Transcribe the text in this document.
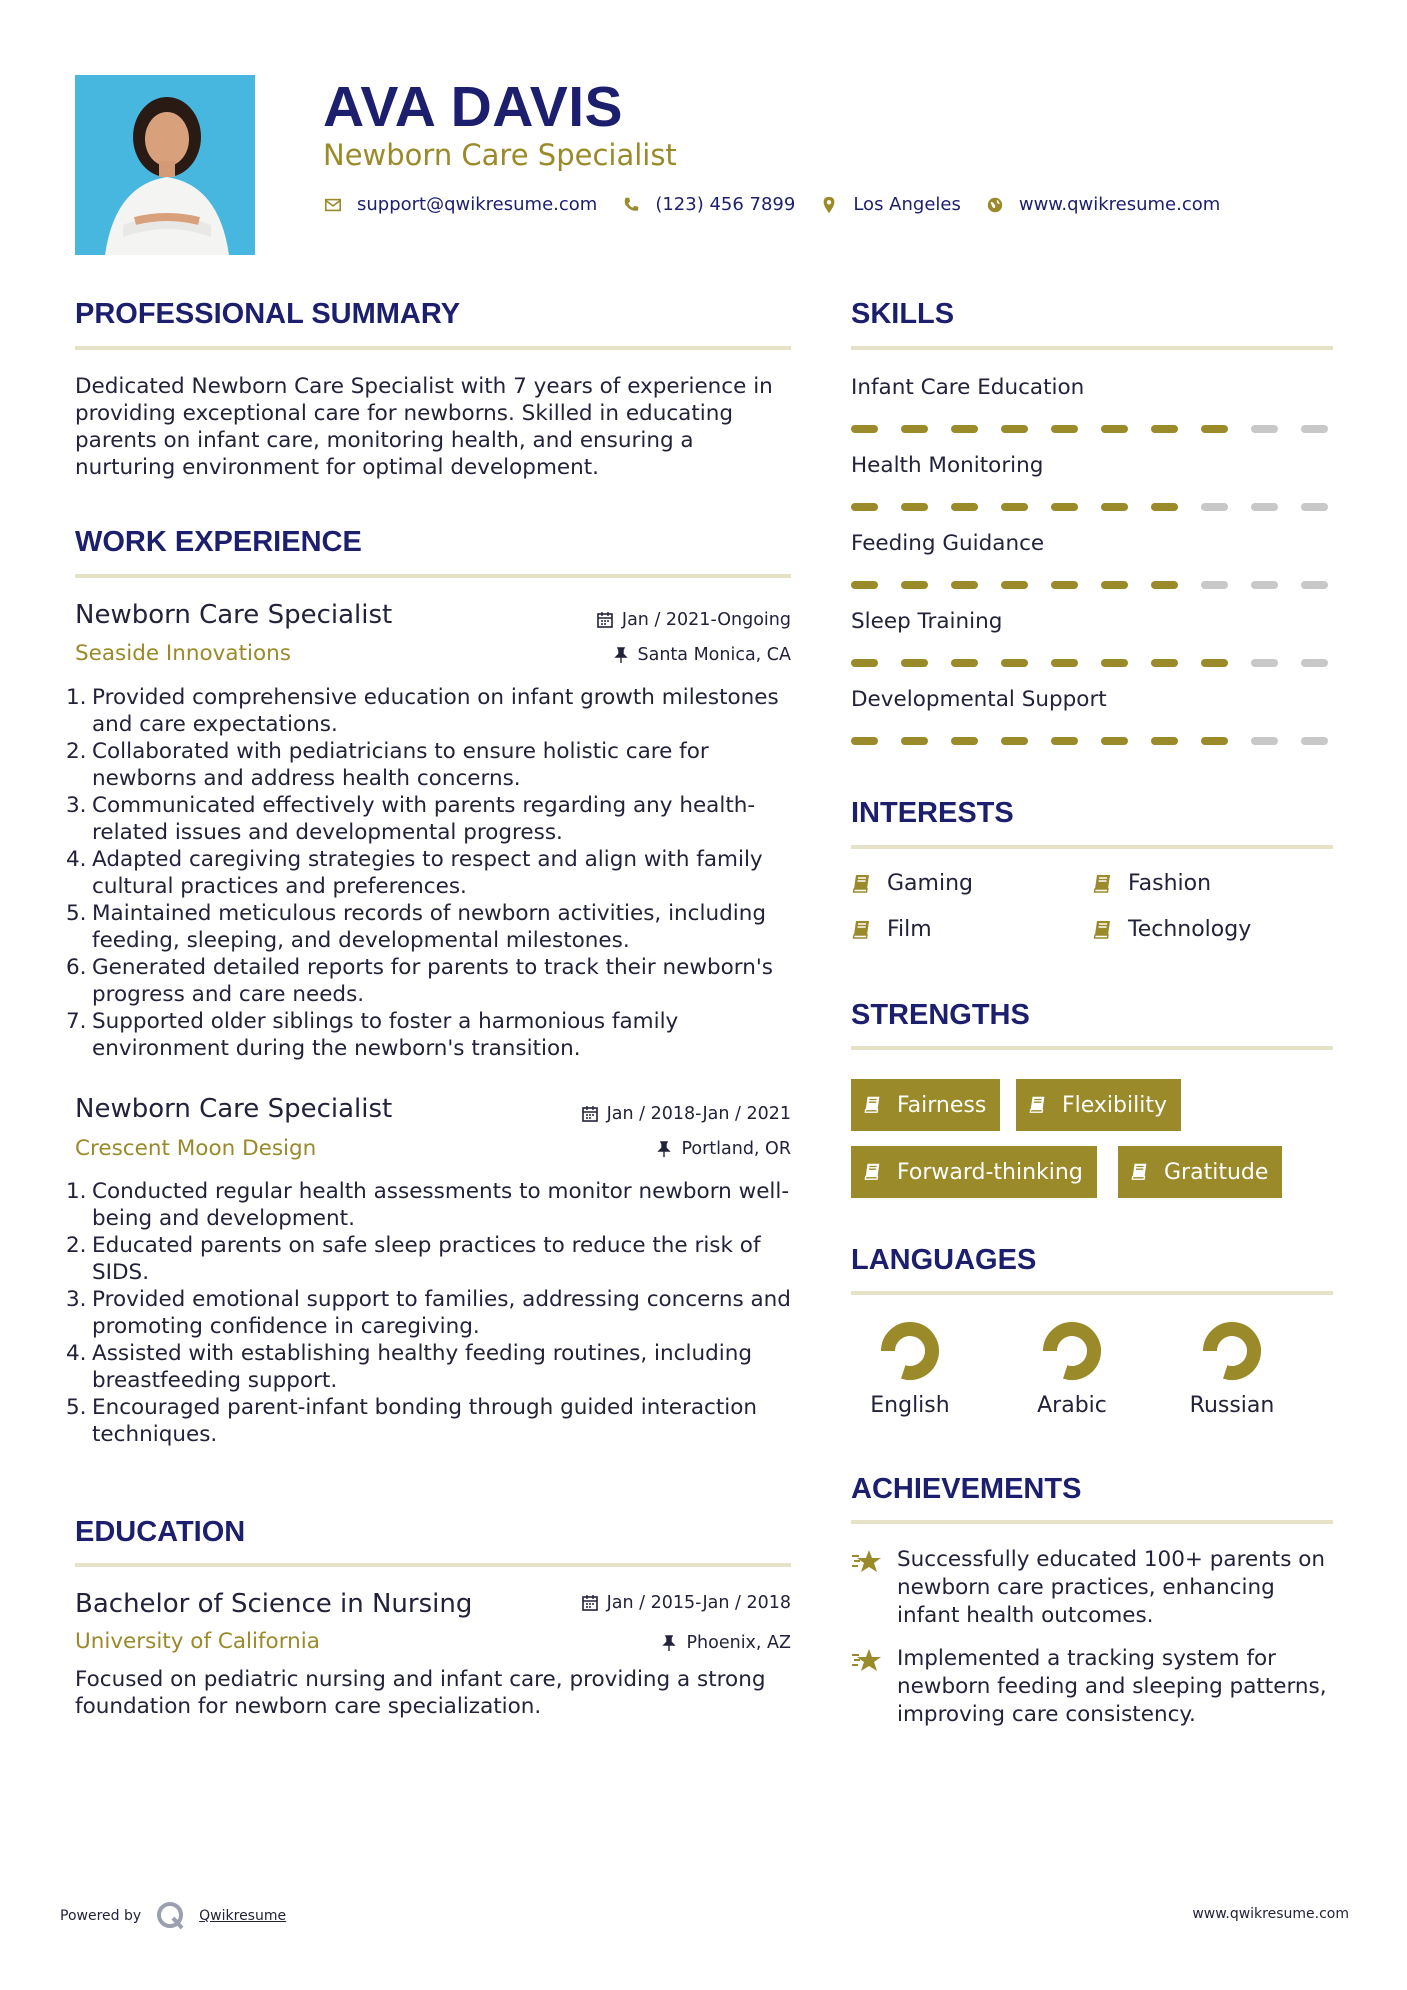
AVA DAVIS
Newborn Care Specialist
support@qwikresume.com	(123) 456 7899	Los Angeles	www.qwikresume.com
PROFESSIONAL SUMMARY
Dedicated Newborn Care Specialist with 7 years of experience in providing exceptional care for newborns. Skilled in educating parents on infant care, monitoring health, and ensuring a nurturing environment for optimal development.
WORK EXPERIENCE
Newborn Care Specialist	Jan / 2021-Ongoing
Seaside Innovations	Santa Monica, CA
1. Provided comprehensive education on infant growth milestones and care expectations.
2. Collaborated with pediatricians to ensure holistic care for newborns and address health concerns.
3. Communicated effectively with parents regarding any health-related issues and developmental progress.
4. Adapted caregiving strategies to respect and align with family cultural practices and preferences.
5. Maintained meticulous records of newborn activities, including feeding, sleeping, and developmental milestones.
6. Generated detailed reports for parents to track their newborn's progress and care needs.
7. Supported older siblings to foster a harmonious family environment during the newborn's transition.
Newborn Care Specialist	Jan / 2018-Jan / 2021
Crescent Moon Design	Portland, OR
1. Conducted regular health assessments to monitor newborn well-being and development.
2. Educated parents on safe sleep practices to reduce the risk of SIDS.
3. Provided emotional support to families, addressing concerns and promoting confidence in caregiving.
4. Assisted with establishing healthy feeding routines, including breastfeeding support.
5. Encouraged parent-infant bonding through guided interaction techniques.
EDUCATION
Bachelor of Science in Nursing	Jan / 2015-Jan / 2018
University of California	Phoenix, AZ
Focused on pediatric nursing and infant care, providing a strong foundation for newborn care specialization.
SKILLS
Infant Care Education
Health Monitoring
Feeding Guidance
Sleep Training
Developmental Support
INTERESTS
Gaming	Fashion
Film	Technology
STRENGTHS
Fairness	Flexibility
Forward-thinking	Gratitude
LANGUAGES
English	Arabic	Russian
ACHIEVEMENTS
Successfully educated 100+ parents on newborn care practices, enhancing infant health outcomes.
Implemented a tracking system for newborn feeding and sleeping patterns, improving care consistency.
Powered by	Qwikresume	www.qwikresume.com
